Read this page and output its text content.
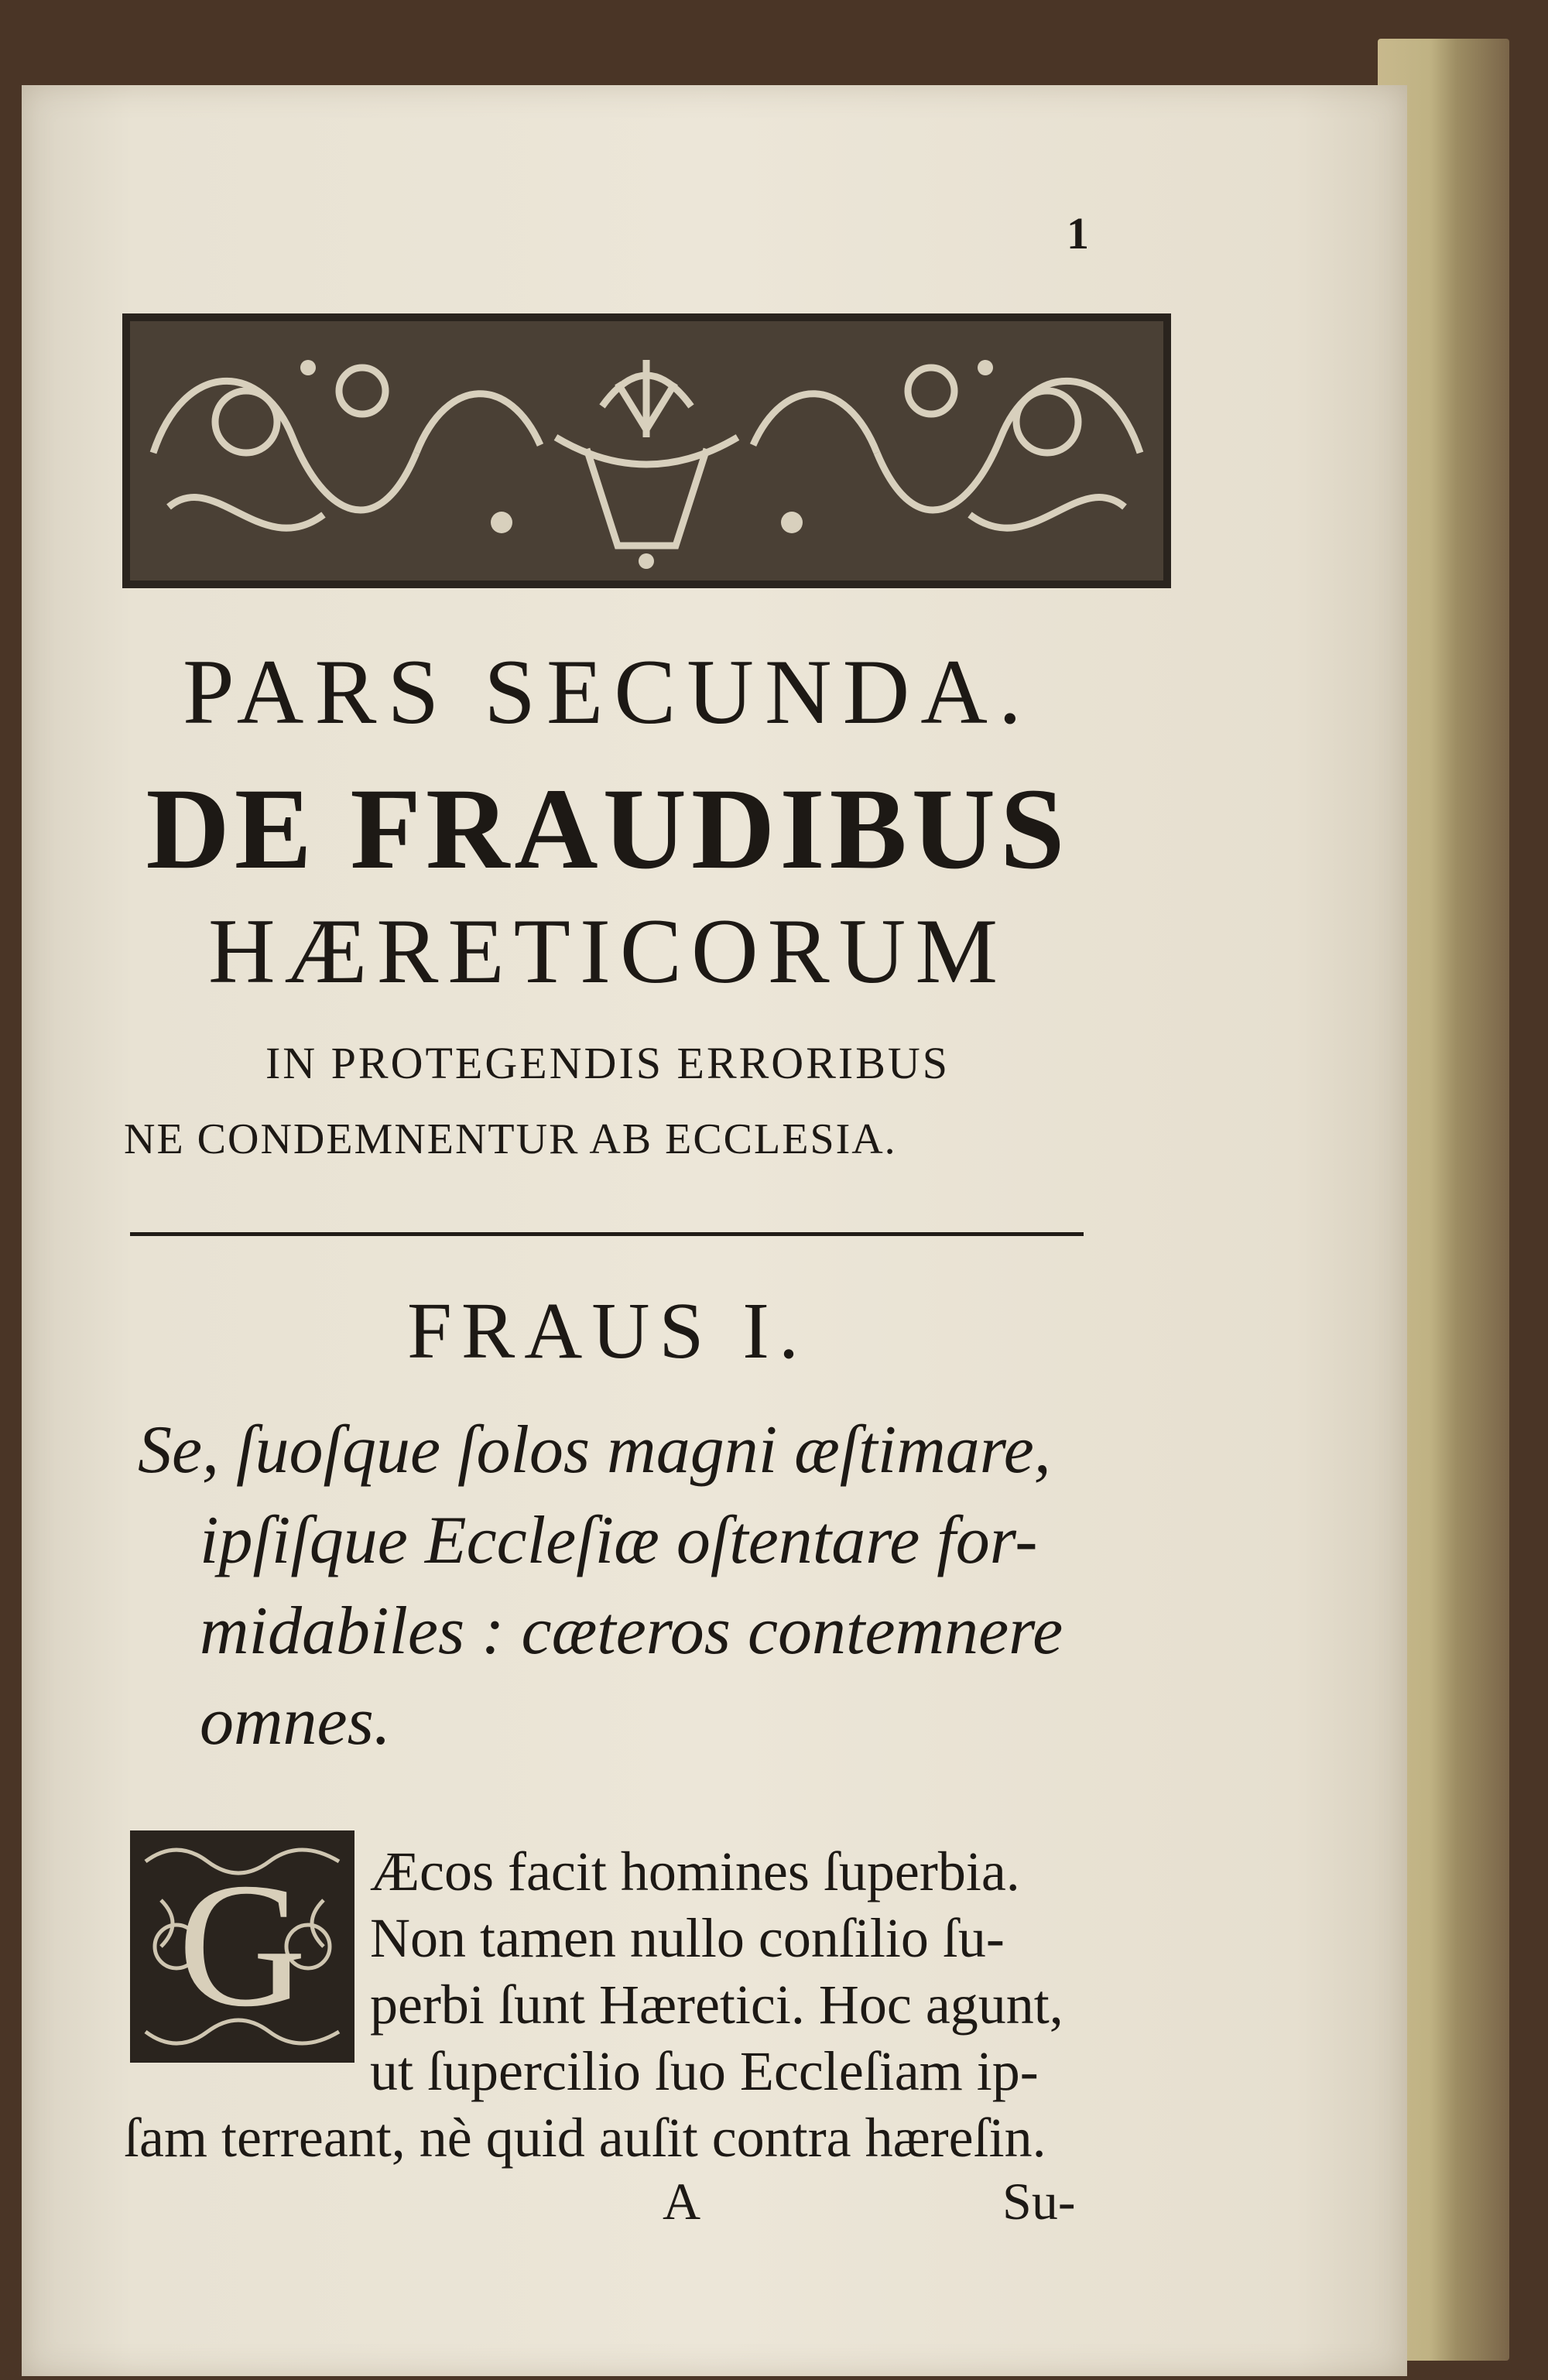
1
PARS SECUNDA.
DE FRAUDIBUS
HÆRETICORUM
IN PROTEGENDIS ERRORIBUS
NE CONDEMNENTUR AB ECCLESIA.
FRAUS I.
Se, ſuoſque ſolos magni æſtimare,
ipſiſque Eccleſiæ oſtentare for-
midabiles : cæteros contemnere
omnes.
G	Æcos facit homines ſuperbia.
Non tamen nullo conſilio ſu-
perbi ſunt Hæretici. Hoc agunt,
ut ſupercilio ſuo Eccleſiam ip-
ſam terreant, nè quid auſit contra hæreſin.
A	Su-
